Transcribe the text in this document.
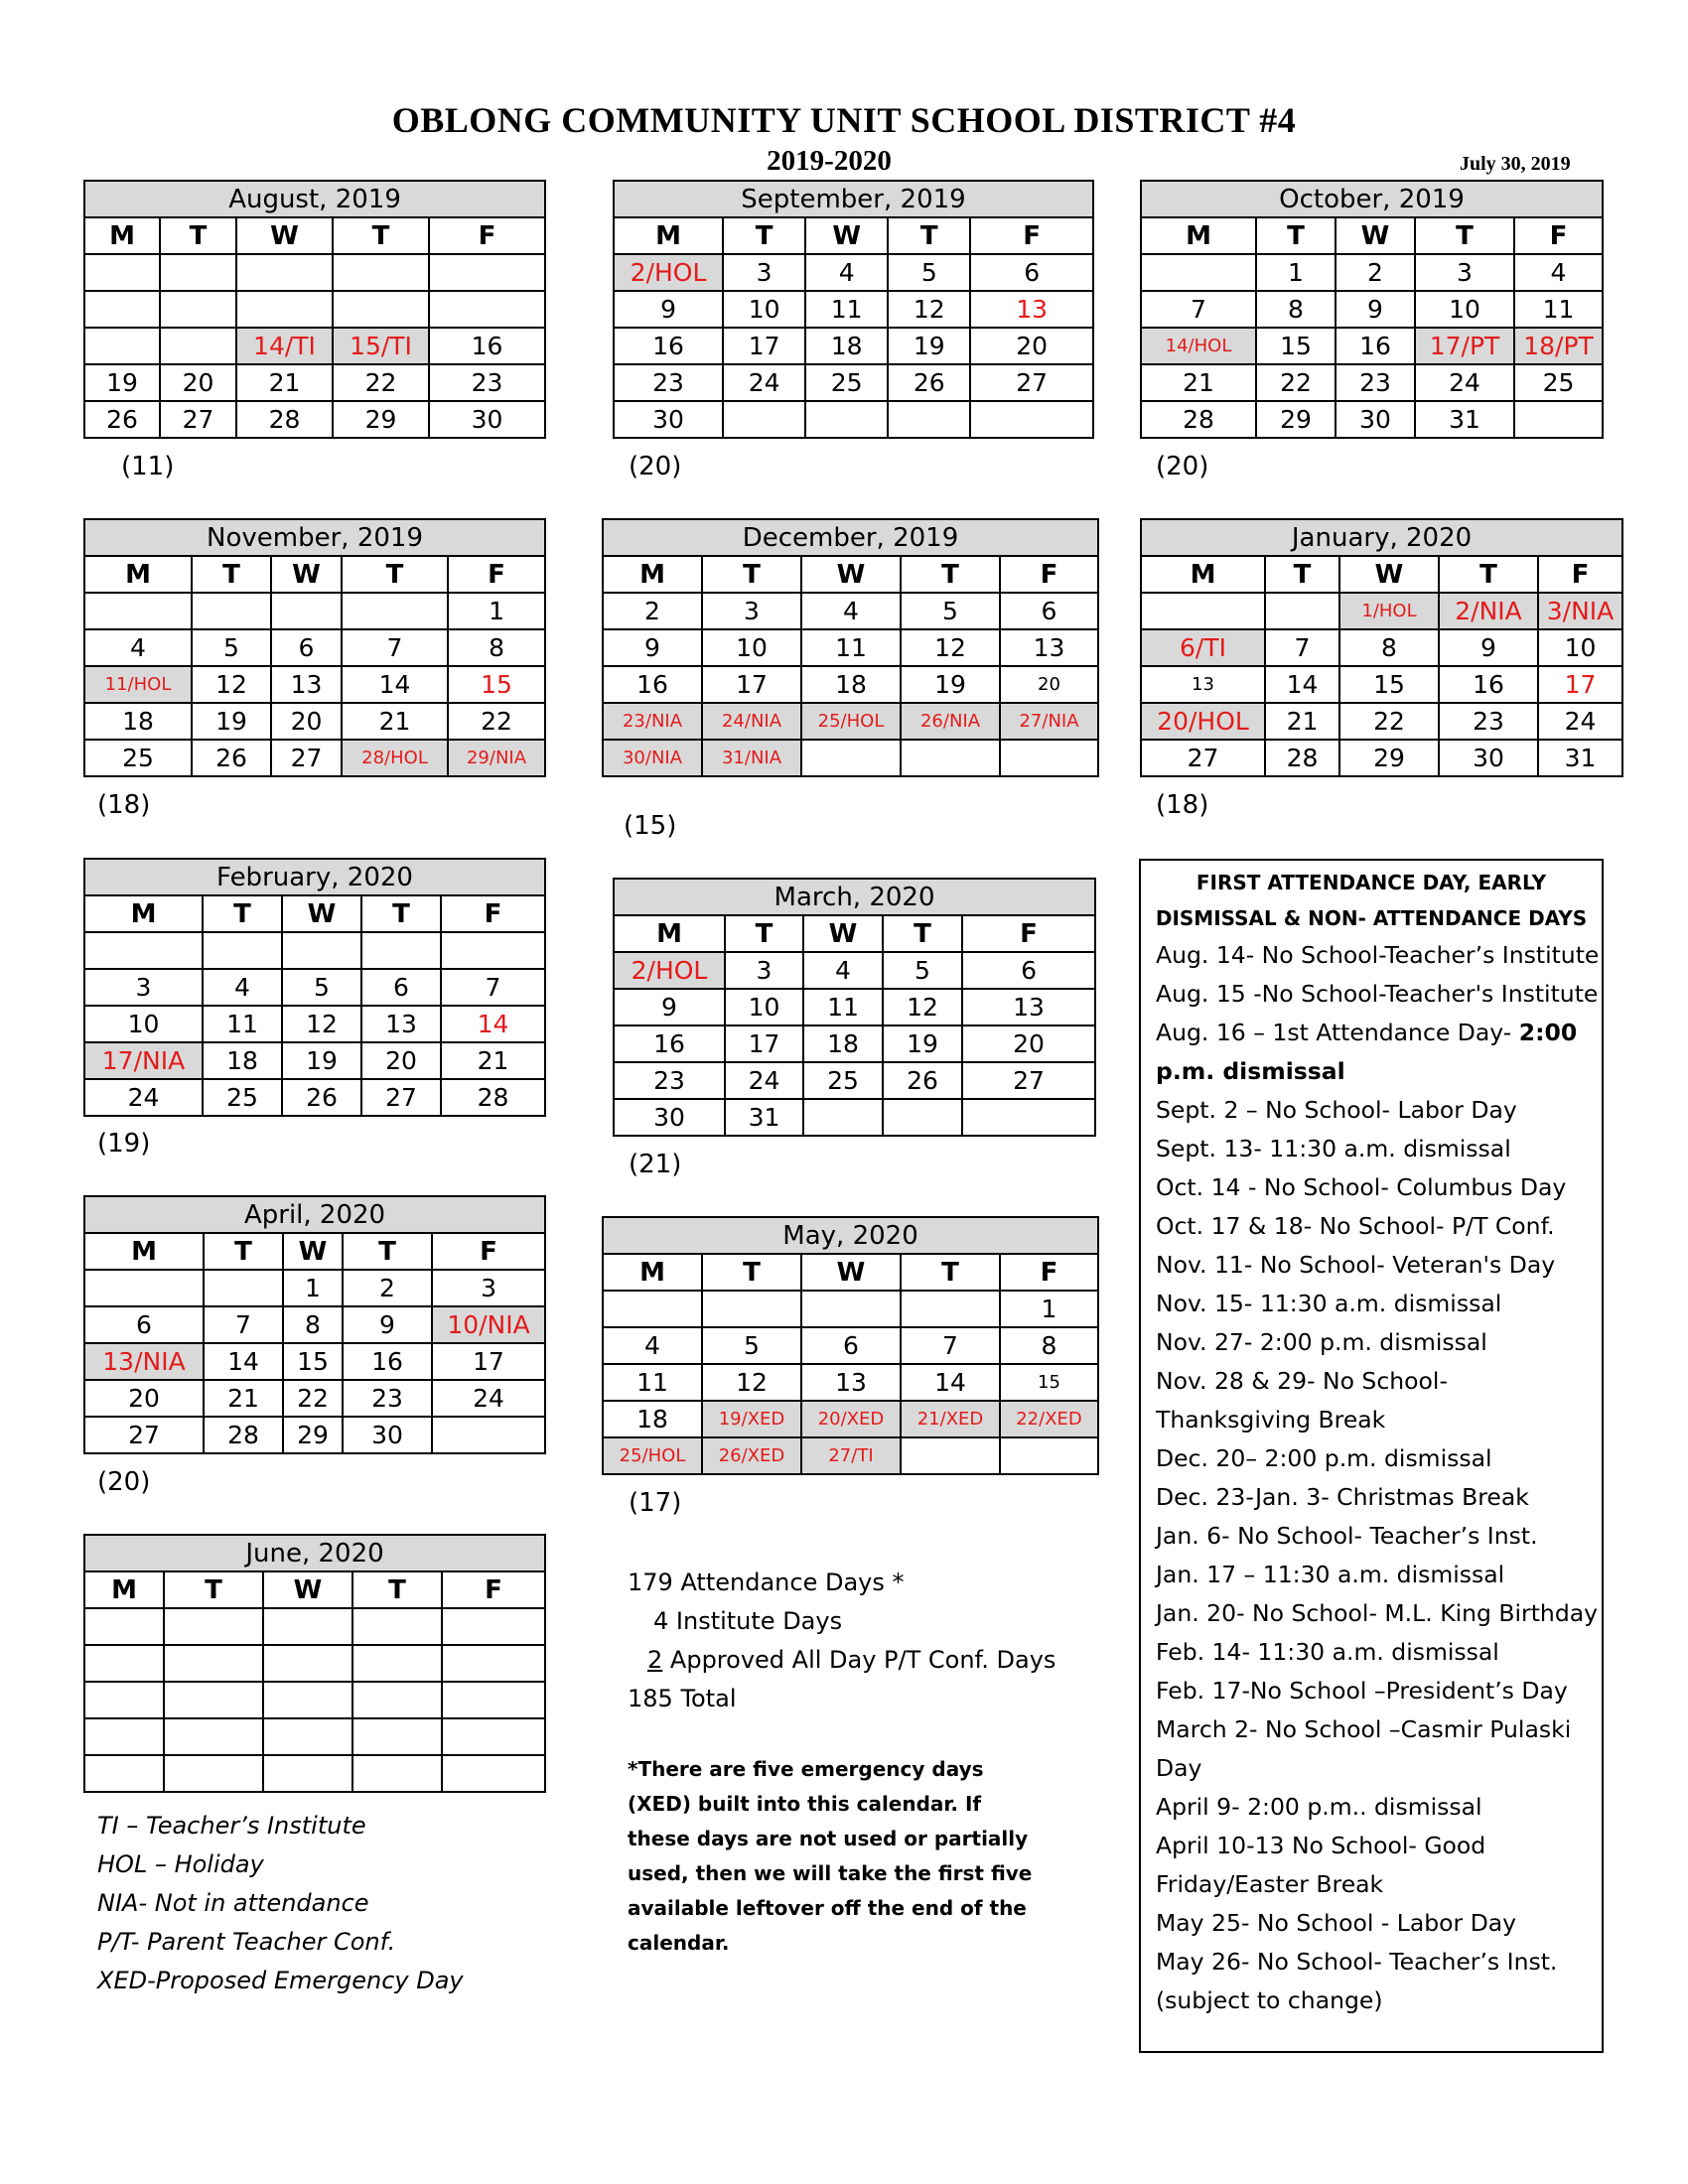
OBLONG COMMUNITY UNIT SCHOOL DISTRICT #4
2019-2020	July 30, 2019
August, 2019				
M	T	W	T	F

		14/TI	15/TI	16
19	20	21	22	23
26	27	28	29	30
(11)
September, 2019				
M	T	W	T	F
2/HOL	3	4	5	6
9	10	11	12	13
16	17	18	19	20
23	24	25	26	27
30				
(20)
October, 2019				
M	T	W	T	F
	1	2	3	4
7	8	9	10	11
14/HOL	15	16	17/PT	18/PT
21	22	23	24	25
28	29	30	31	
(20)
November, 2019				
M	T	W	T	F
				1
4	5	6	7	8
11/HOL	12	13	14	15
18	19	20	21	22
25	26	27	28/HOL	29/NIA
(18)
December, 2019				
M	T	W	T	F
2	3	4	5	6
9	10	11	12	13
16	17	18	19	20
23/NIA	24/NIA	25/HOL	26/NIA	27/NIA
30/NIA	31/NIA			
(15)
January, 2020				
M	T	W	T	F
		1/HOL	2/NIA	3/NIA
6/TI	7	8	9	10
13	14	15	16	17
20/HOL	21	22	23	24
27	28	29	30	31
(18)
February, 2020				
M	T	W	T	F

3	4	5	6	7
10	11	12	13	14
17/NIA	18	19	20	21
24	25	26	27	28
(19)
March, 2020				
M	T	W	T	F
2/HOL	3	4	5	6
9	10	11	12	13
16	17	18	19	20
23	24	25	26	27
30	31			
(21)
April, 2020				
M	T	W	T	F
		1	2	3
6	7	8	9	10/NIA
13/NIA	14	15	16	17
20	21	22	23	24
27	28	29	30	
(20)
May, 2020				
M	T	W	T	F
				1
4	5	6	7	8
11	12	13	14	15
18	19/XED	20/XED	21/XED	22/XED
25/HOL	26/XED	27/TI		
(17)
June, 2020				
M	T	W	T	F

TI – Teacher’s Institute
HOL – Holiday
NIA- Not in attendance
P/T- Parent Teacher Conf.
XED-Proposed Emergency Day
179 Attendance Days *
4 Institute Days
2 Approved All Day P/T Conf. Days
185 Total
*There are five emergency days (XED) built into this calendar. If these days are not used or partially used, then we will take the first five available leftover off the end of the calendar.
FIRST ATTENDANCE DAY, EARLY
DISMISSAL & NON- ATTENDANCE DAYS
Aug. 14- No School-Teacher’s Institute
Aug. 15 -No School-Teacher's Institute
Aug. 16 – 1st Attendance Day- 2:00
p.m. dismissal
Sept. 2 – No School- Labor Day
Sept. 13- 11:30 a.m. dismissal
Oct. 14 - No School- Columbus Day
Oct. 17 & 18- No School- P/T Conf.
Nov. 11- No School- Veteran's Day
Nov. 15- 11:30 a.m. dismissal
Nov. 27- 2:00 p.m. dismissal
Nov. 28 & 29- No School-
Thanksgiving Break
Dec. 20– 2:00 p.m. dismissal
Dec. 23-Jan. 3- Christmas Break
Jan. 6- No School- Teacher’s Inst.
Jan. 17 – 11:30 a.m. dismissal
Jan. 20- No School- M.L. King Birthday
Feb. 14- 11:30 a.m. dismissal
Feb. 17-No School –President’s Day
March 2- No School –Casmir Pulaski
Day
April 9- 2:00 p.m.. dismissal
April 10-13 No School- Good
Friday/Easter Break
May 25- No School - Labor Day
May 26- No School- Teacher’s Inst.
(subject to change)
